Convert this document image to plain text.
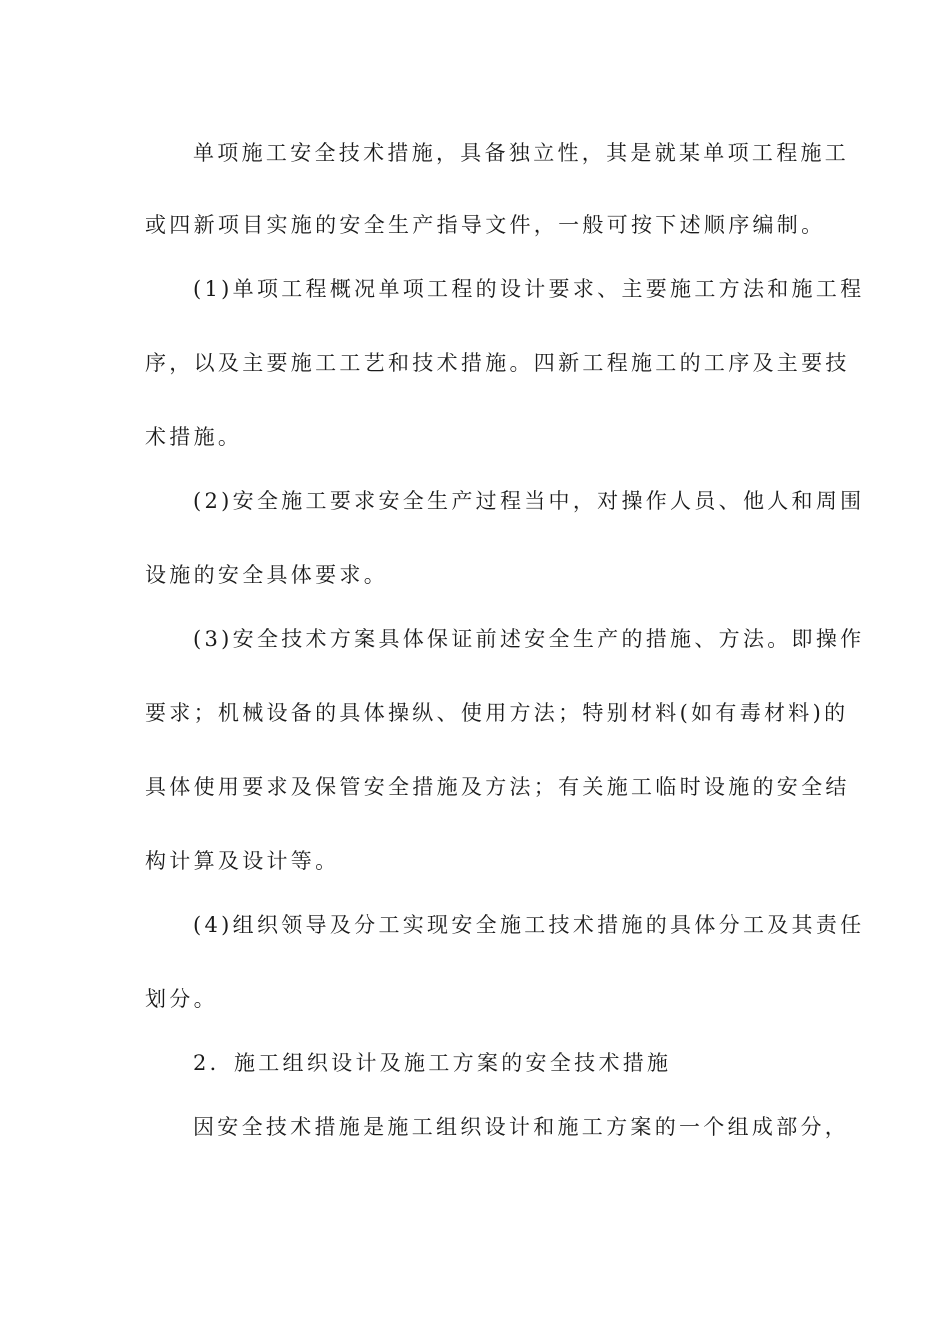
单项施工安全技术措施，具备独立性，其是就某单项工程施工
或四新项目实施的安全生产指导文件，一般可按下述顺序编制。
(1)单项工程概况单项工程的设计要求、主要施工方法和施工程
序，以及主要施工工艺和技术措施。四新工程施工的工序及主要技
术措施。
(2)安全施工要求安全生产过程当中，对操作人员、他人和周围
设施的安全具体要求。
(3)安全技术方案具体保证前述安全生产的措施、方法。即操作
要求；机械设备的具体操纵、使用方法；特别材料(如有毒材料)的
具体使用要求及保管安全措施及方法；有关施工临时设施的安全结
构计算及设计等。
(4)组织领导及分工实现安全施工技术措施的具体分工及其责任
划分。
2．施工组织设计及施工方案的安全技术措施
因安全技术措施是施工组织设计和施工方案的一个组成部分，
